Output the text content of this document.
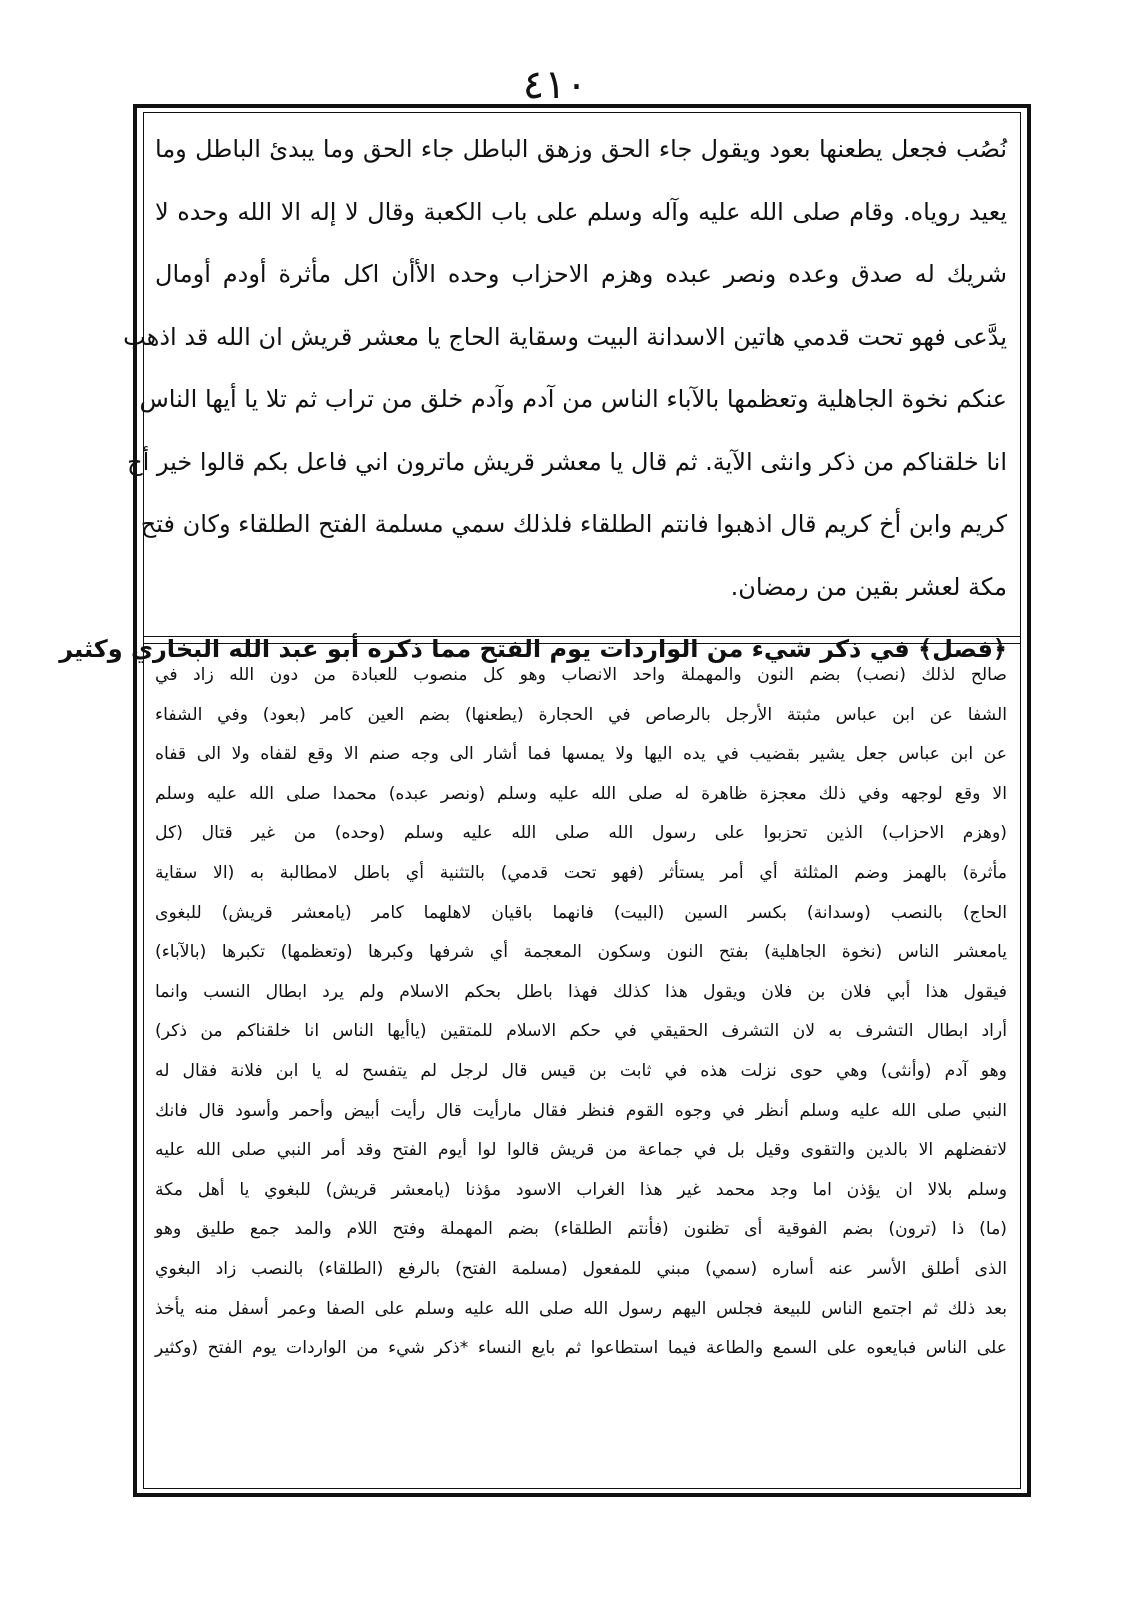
٤١٠
نُصُب فجعل يطعنها بعود ويقول جاء الحق وزهق الباطل جاء الحق وما يبدئ الباطل وما
يعيد روياه. وقام صلى الله عليه وآله وسلم على باب الكعبة وقال لا إله الا الله وحده لا
شريك له صدق وعده ونصر عبده وهزم الاحزاب وحده الأأن اكل مأثرة أودم أومال
يدَّعى فهو تحت قدمي هاتين الاسدانة البيت وسقاية الحاج يا معشر قريش ان الله قد اذهب
عنكم نخوة الجاهلية وتعظمها بالآباء الناس من آدم وآدم خلق من تراب ثم تلا يا أيها الناس
انا خلقناكم من ذكر وانثى الآية. ثم قال يا معشر قريش ماترون اني فاعل بكم قالوا خير أخ
كريم وابن أخ كريم قال اذهبوا فانتم الطلقاء فلذلك سمي مسلمة الفتح الطلقاء وكان فتح
مكة لعشر بقين من رمضان.
﴿فصل﴾ في ذكر شيء من الواردات يوم الفتح مما ذكره أبو عبد الله البخاري وكثير
صالح لذلك (نصب) بضم النون والمهملة واحد الانصاب وهو كل منصوب للعبادة من دون الله زاد في
الشفا عن ابن عباس مثبتة الأرجل بالرصاص في الحجارة (يطعنها) بضم العين كامر (بعود) وفي الشفاء
عن ابن عباس جعل يشير بقضيب في يده اليها ولا يمسها فما أشار الى وجه صنم الا وقع لقفاه ولا الى قفاه
الا وقع لوجهه وفي ذلك معجزة ظاهرة له صلى الله عليه وسلم (ونصر عبده) محمدا صلى الله عليه وسلم
(وهزم الاحزاب) الذين تحزبوا على رسول الله صلى الله عليه وسلم (وحده) من غير قتال (كل
مأثرة) بالهمز وضم المثلثة أي أمر يستأثر (فهو تحت قدمي) بالتثنية أي باطل لامطالبة به (الا سقاية
الحاج) بالنصب (وسدانة) بكسر السين (البيت) فانهما باقيان لاهلهما كامر (يامعشر قريش) للبغوى
يامعشر الناس (نخوة الجاهلية) بفتح النون وسكون المعجمة أي شرفها وكبرها (وتعظمها) تكبرها (بالآباء)
فيقول هذا أبي فلان بن فلان ويقول هذا كذلك فهذا باطل بحكم الاسلام ولم يرد ابطال النسب وانما
أراد ابطال التشرف به لان التشرف الحقيقي في حكم الاسلام للمتقين (ياأيها الناس انا خلقناكم من ذكر)
وهو آدم (وأنثى) وهي حوى نزلت هذه في ثابت بن قيس قال لرجل لم يتفسح له يا ابن فلانة فقال له
النبي صلى الله عليه وسلم أنظر في وجوه القوم فنظر فقال مارأيت قال رأيت أبيض وأحمر وأسود قال فانك
لاتفضلهم الا بالدين والتقوى وقيل بل في جماعة من قريش قالوا لوا أيوم الفتح وقد أمر النبي صلى الله عليه
وسلم بلالا ان يؤذن اما وجد محمد غير هذا الغراب الاسود مؤذنا (يامعشر قريش) للبغوي يا أهل مكة
(ما) ذا (ترون) بضم الفوقية أى تظنون (فأنتم الطلقاء) بضم المهملة وفتح اللام والمد جمع طليق وهو
الذى أطلق الأسر عنه أساره (سمي) مبني للمفعول (مسلمة الفتح) بالرفع (الطلقاء) بالنصب زاد البغوي
بعد ذلك ثم اجتمع الناس للبيعة فجلس اليهم رسول الله صلى الله عليه وسلم على الصفا وعمر أسفل منه يأخذ
على الناس فبايعوه على السمع والطاعة فيما استطاعوا ثم بايع النساء *ذكر شيء من الواردات يوم الفتح (وكثير
